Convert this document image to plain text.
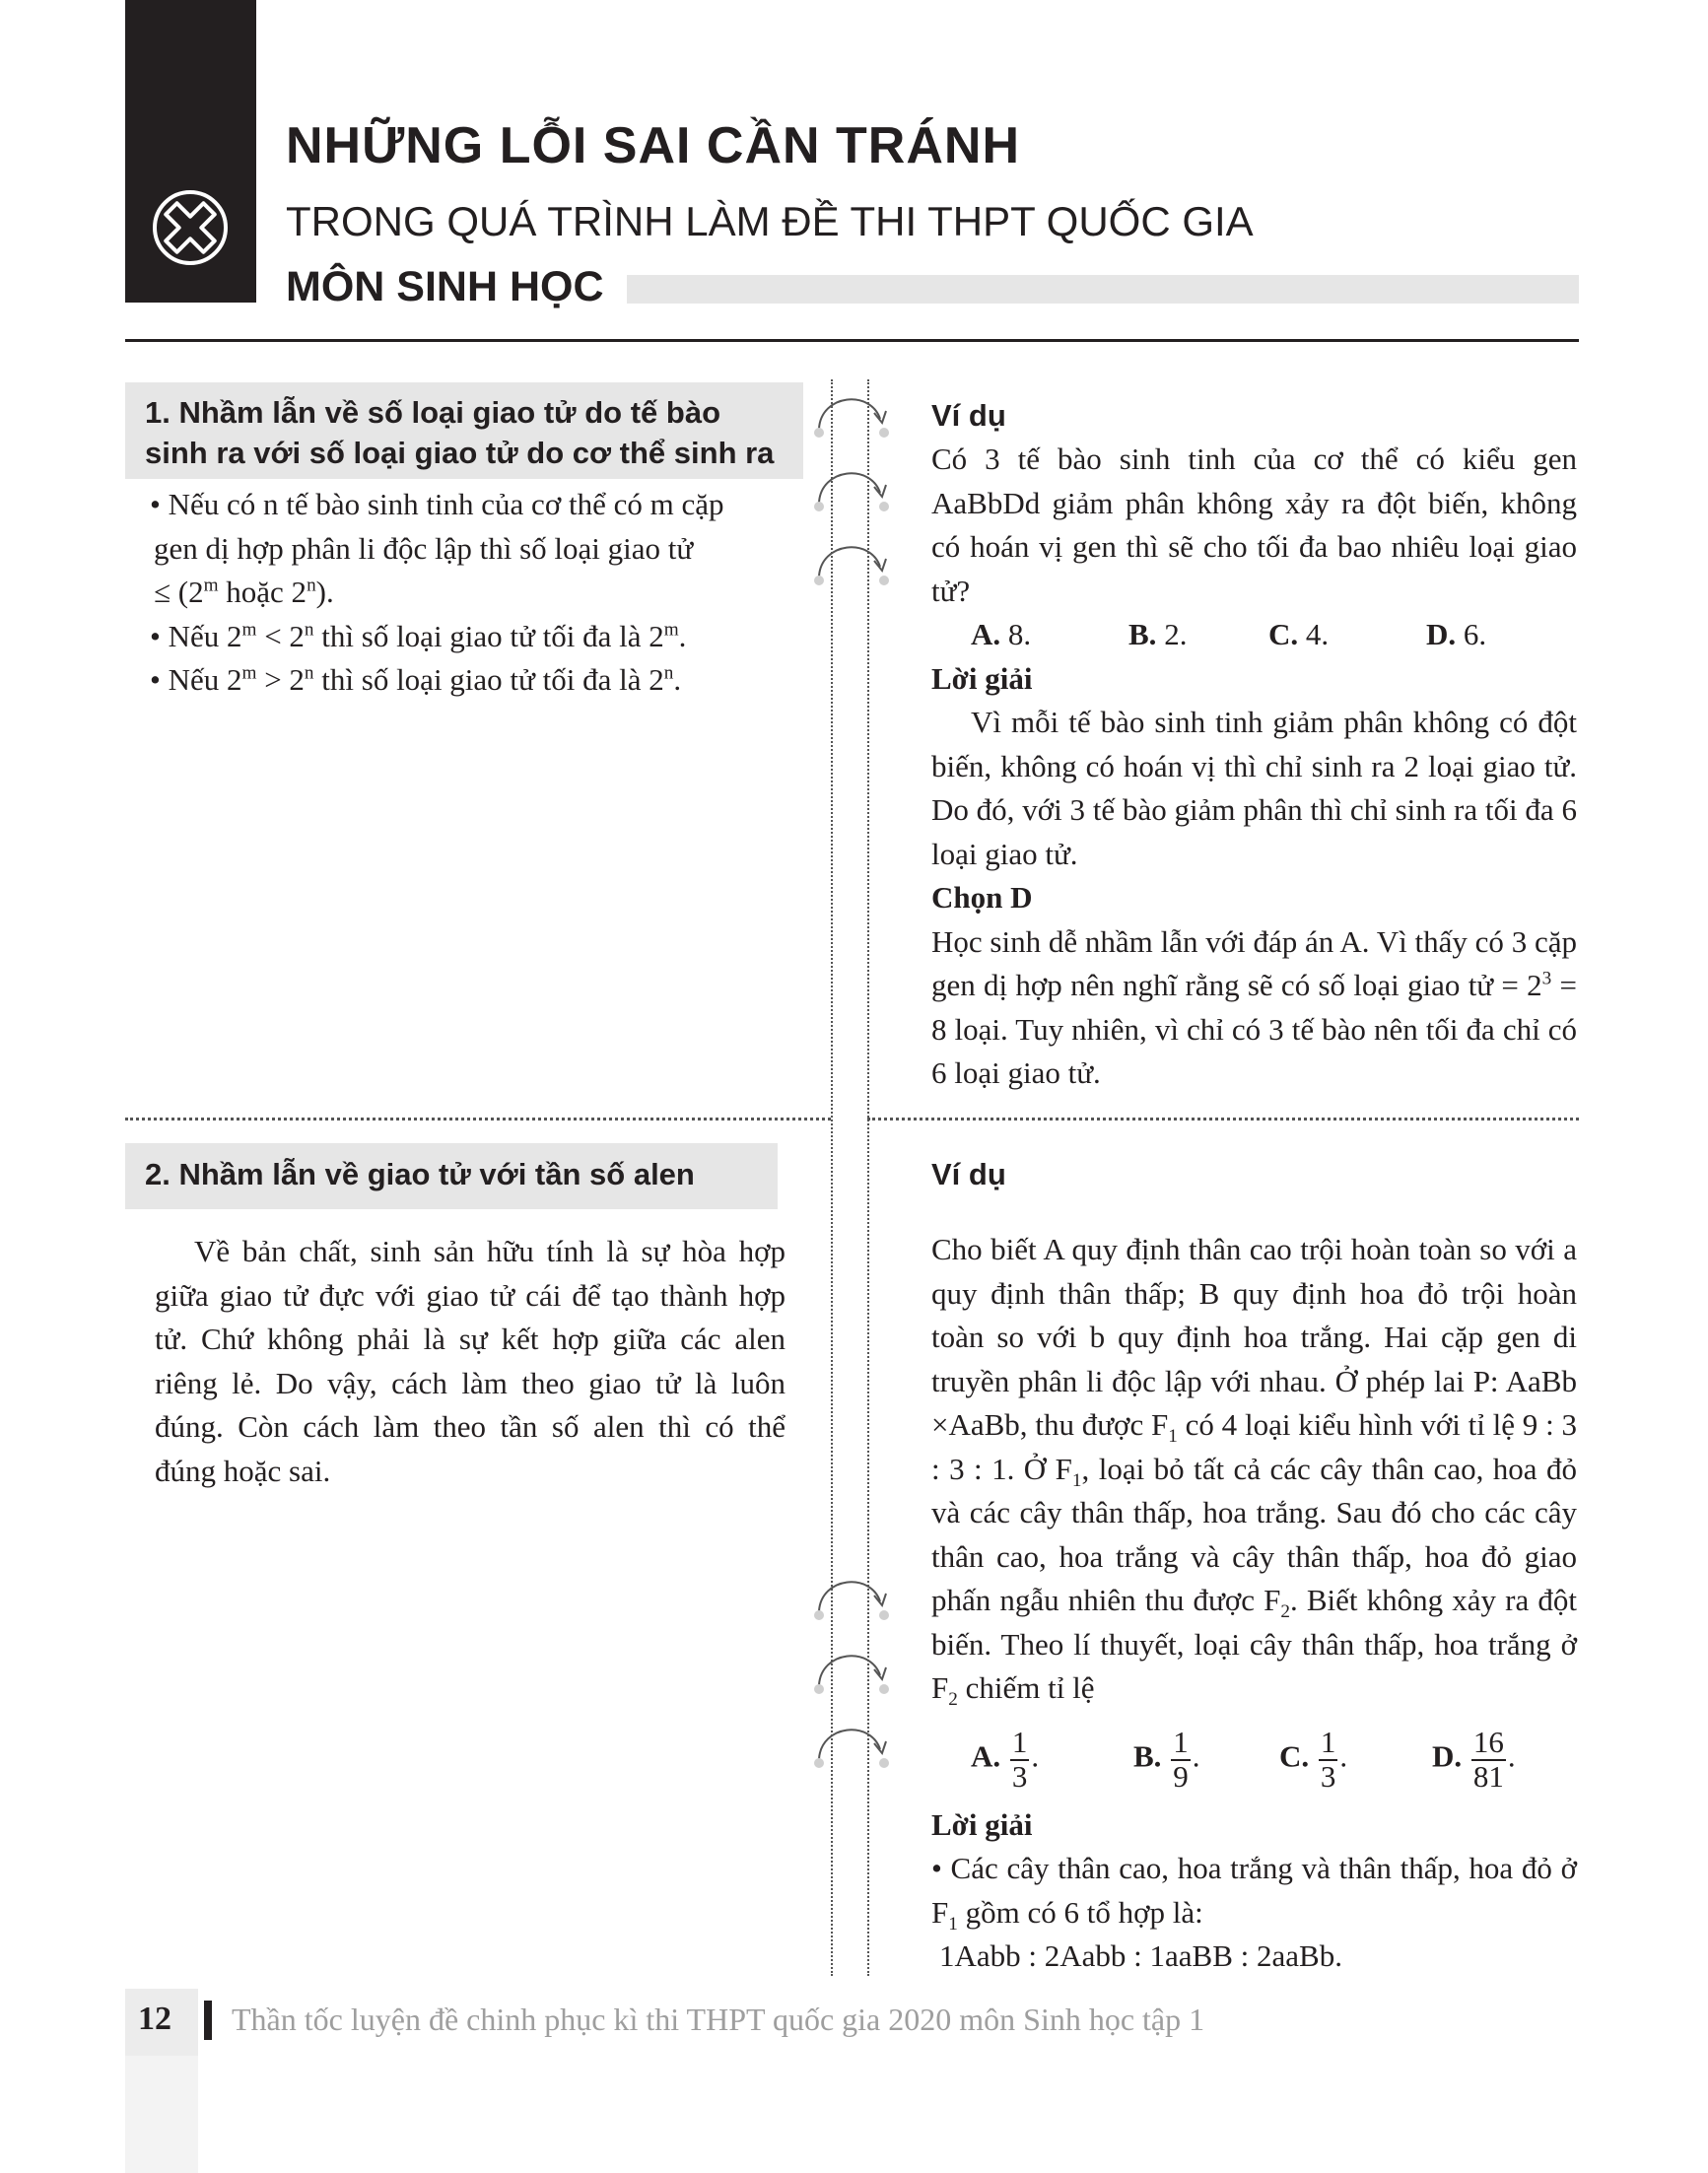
NHỮNG LỖI SAI CẦN TRÁNH
TRONG QUÁ TRÌNH LÀM ĐỀ THI THPT QUỐC GIA
MÔN SINH HỌC
1. Nhầm lẫn về số loại giao tử do tế bào
sinh ra với số loại giao tử do cơ thể sinh ra
• Nếu có n tế bào sinh tinh của cơ thể có m cặp
gen dị hợp phân li độc lập thì số loại giao tử
≤ ($2^m$ hoặc 2$^n$).
• Nếu $2^m < 2^n$ thì số loại giao tử tối đa là 2$^m$.
• Nếu $2^m > 2^n$ thì số loại giao tử tối đa là 2$^n$.
Ví dụ
Có 3 tế bào sinh tinh của cơ thể có kiểu gen AaBbDd giảm phân không xảy ra đột biến, không có hoán vị gen thì sẽ cho tối đa bao nhiêu loại giao tử?
A. 8.	B. 2.	C. 4.	D. 6.
Lời giải
Vì mỗi tế bào sinh tinh giảm phân không có đột biến, không có hoán vị thì chỉ sinh ra 2 loại giao tử. Do đó, với 3 tế bào giảm phân thì chỉ sinh ra tối đa 6 loại giao tử.
Chọn D
Học sinh dễ nhầm lẫn với đáp án A. Vì thấy có 3 cặp gen dị hợp nên nghĩ rằng sẽ có số loại giao tử = $2^3 = 8$ loại. Tuy nhiên, vì chỉ có 3 tế bào nên tối đa chỉ có 6 loại giao tử.
2. Nhầm lẫn về giao tử với tần số alen
Về bản chất, sinh sản hữu tính là sự hòa hợp giữa giao tử đực với giao tử cái để tạo thành hợp tử. Chứ không phải là sự kết hợp giữa các alen riêng lẻ. Do vậy, cách làm theo giao tử là luôn đúng. Còn cách làm theo tần số alen thì có thể đúng hoặc sai.
Ví dụ
Cho biết A quy định thân cao trội hoàn toàn so với a quy định thân thấp; B quy định hoa đỏ trội hoàn toàn so với b quy định hoa trắng. Hai cặp gen di truyền phân li độc lập với nhau. Ở phép lai P: AaBb ×AaBb, thu được $F_1$ có 4 loại kiểu hình với tỉ lệ 9 : 3 : 3 : 1. Ở $F_1$, loại bỏ tất cả các cây thân cao, hoa đỏ và các cây thân thấp, hoa trắng. Sau đó cho các cây thân cao, hoa trắng và cây thân thấp, hoa đỏ giao phấn ngẫu nhiên thu được $F_2$. Biết không xảy ra đột biến. Theo lí thuyết, loại cây thân thấp, hoa trắng ở $F_2$ chiếm tỉ lệ
A. $\frac{1}{3}$ .	B. $\frac{1}{9}$ .	C. $\frac{1}{3}$ .	D. $\frac{16}{81}$ .
Lời giải
• Các cây thân cao, hoa trắng và thân thấp, hoa đỏ ở $F_1$ gồm có 6 tổ hợp là:
1Aabb : 2Aabb : 1aaBB : 2aaBb.
12 Thần tốc luyện đề chinh phục kì thi THPT quốc gia 2020 môn Sinh học tập 1
